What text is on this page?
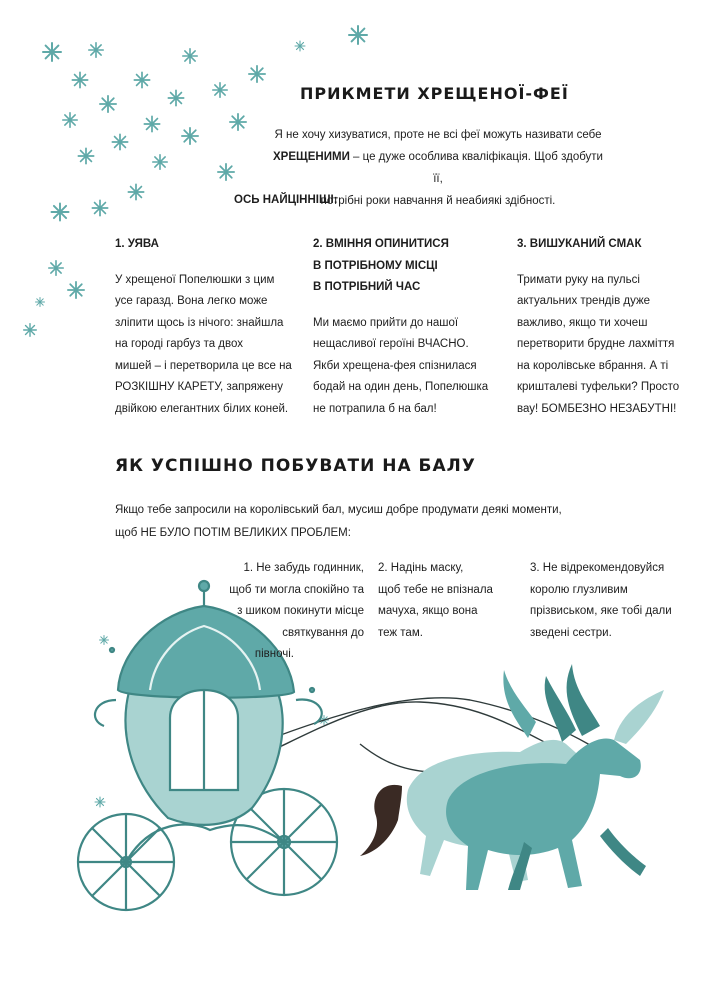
ПРИКМЕТИ ХРЕЩЕНОЇ-ФЕЇ
Я не хочу хизуватися, проте не всі феї можуть називати себе
ХРЕЩЕНИМИ – це дуже особлива кваліфікація. Щоб здобути її,
потрібні роки навчання й неабиякі здібності.
ОСЬ НАЙЦІННІШІ:
1. УЯВА
У хрещеної Попелюшки з цим
усе гаразд. Вона легко може
зліпити щось із нічого: знайшла
на городі гарбуз та двох
мишей – і перетворила це все на
РОЗКІШНУ КАРЕТУ, запряжену
двійкою елегантних білих коней.
2. ВМІННЯ ОПИНИТИСЯ
В ПОТРІБНОМУ МІСЦІ
В ПОТРІБНИЙ ЧАС
Ми маємо прийти до нашої
нещасливої героїні ВЧАСНО.
Якби хрещена-фея спізнилася
бодай на один день, Попелюшка
не потрапила б на бал!
3. ВИШУКАНИЙ СМАК
Тримати руку на пульсі
актуальних трендів дуже
важливо, якщо ти хочеш
перетворити брудне лахміття
на королівське вбрання. А ті
кришталеві туфельки? Просто
вау! БОМБЕЗНО НЕЗАБУТНІ!
ЯК УСПІШНО ПОБУВАТИ НА БАЛУ
Якщо тебе запросили на королівський бал, мусиш добре продумати деякі моменти,
щоб НЕ БУЛО ПОТІМ ВЕЛИКИХ ПРОБЛЕМ:
1. Не забудь годинник,
щоб ти могла спокійно та
з шиком покинути місце
святкування до
півночі.
2. Надінь маску,
щоб тебе не впізнала
мачуха, якщо вона
теж там.
3. Не відрекомендовуйся
королю глузливим
прізвиськом, яке тобі дали
зведені сестри.
